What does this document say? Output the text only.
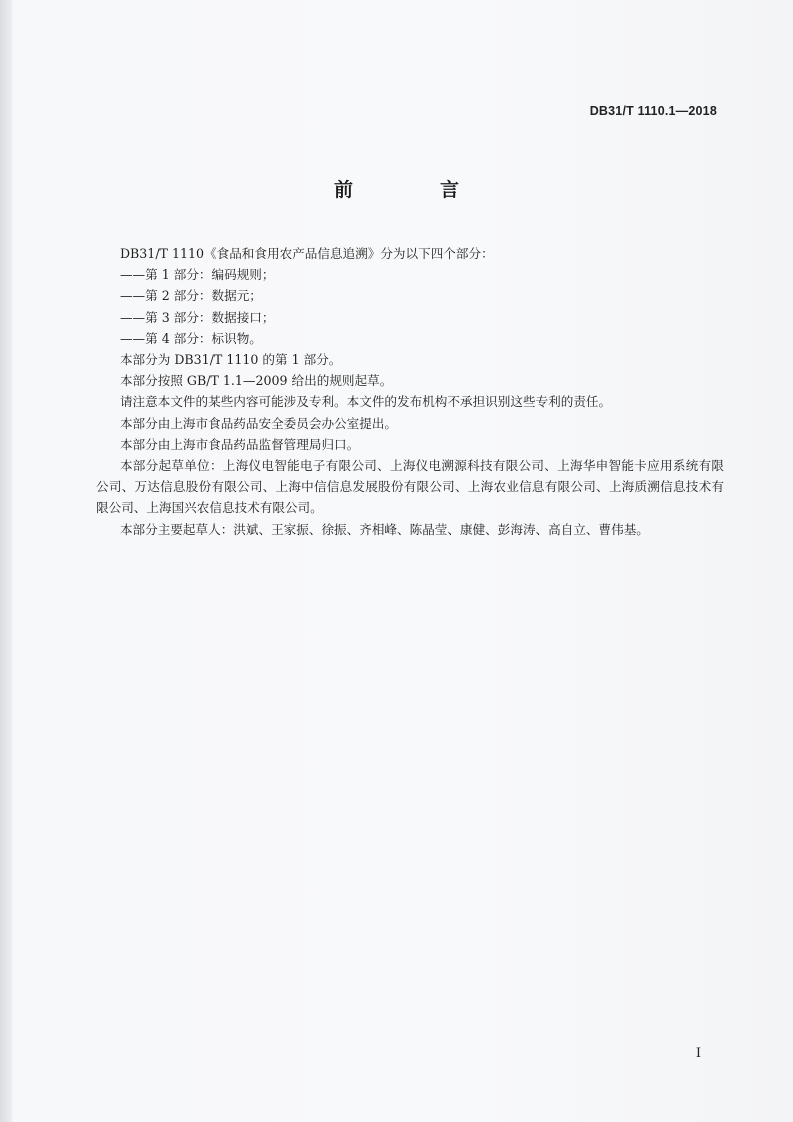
DB31/T 1110.1—2018
前　言

DB31/T 1110《食品和食用农产品信息追溯》分为以下四个部分：

——第 1 部分：编码规则；

——第 2 部分：数据元；

——第 3 部分：数据接口；

——第 4 部分：标识物。

本部分为 DB31/T 1110 的第 1 部分。

本部分按照 GB/T 1.1—2009 给出的规则起草。

请注意本文件的某些内容可能涉及专利。本文件的发布机构不承担识别这些专利的责任。

本部分由上海市食品药品安全委员会办公室提出。

本部分由上海市食品药品监督管理局归口。

本部分起草单位：上海仪电智能电子有限公司、上海仪电溯源科技有限公司、上海华申智能卡应用系统有限公司、万达信息股份有限公司、上海中信信息发展股份有限公司、上海农业信息有限公司、上海质溯信息技术有限公司、上海国兴农信息技术有限公司。

本部分主要起草人：洪斌、王家振、徐振、齐相峰、陈晶莹、康健、彭海涛、高自立、曹伟基。

I
